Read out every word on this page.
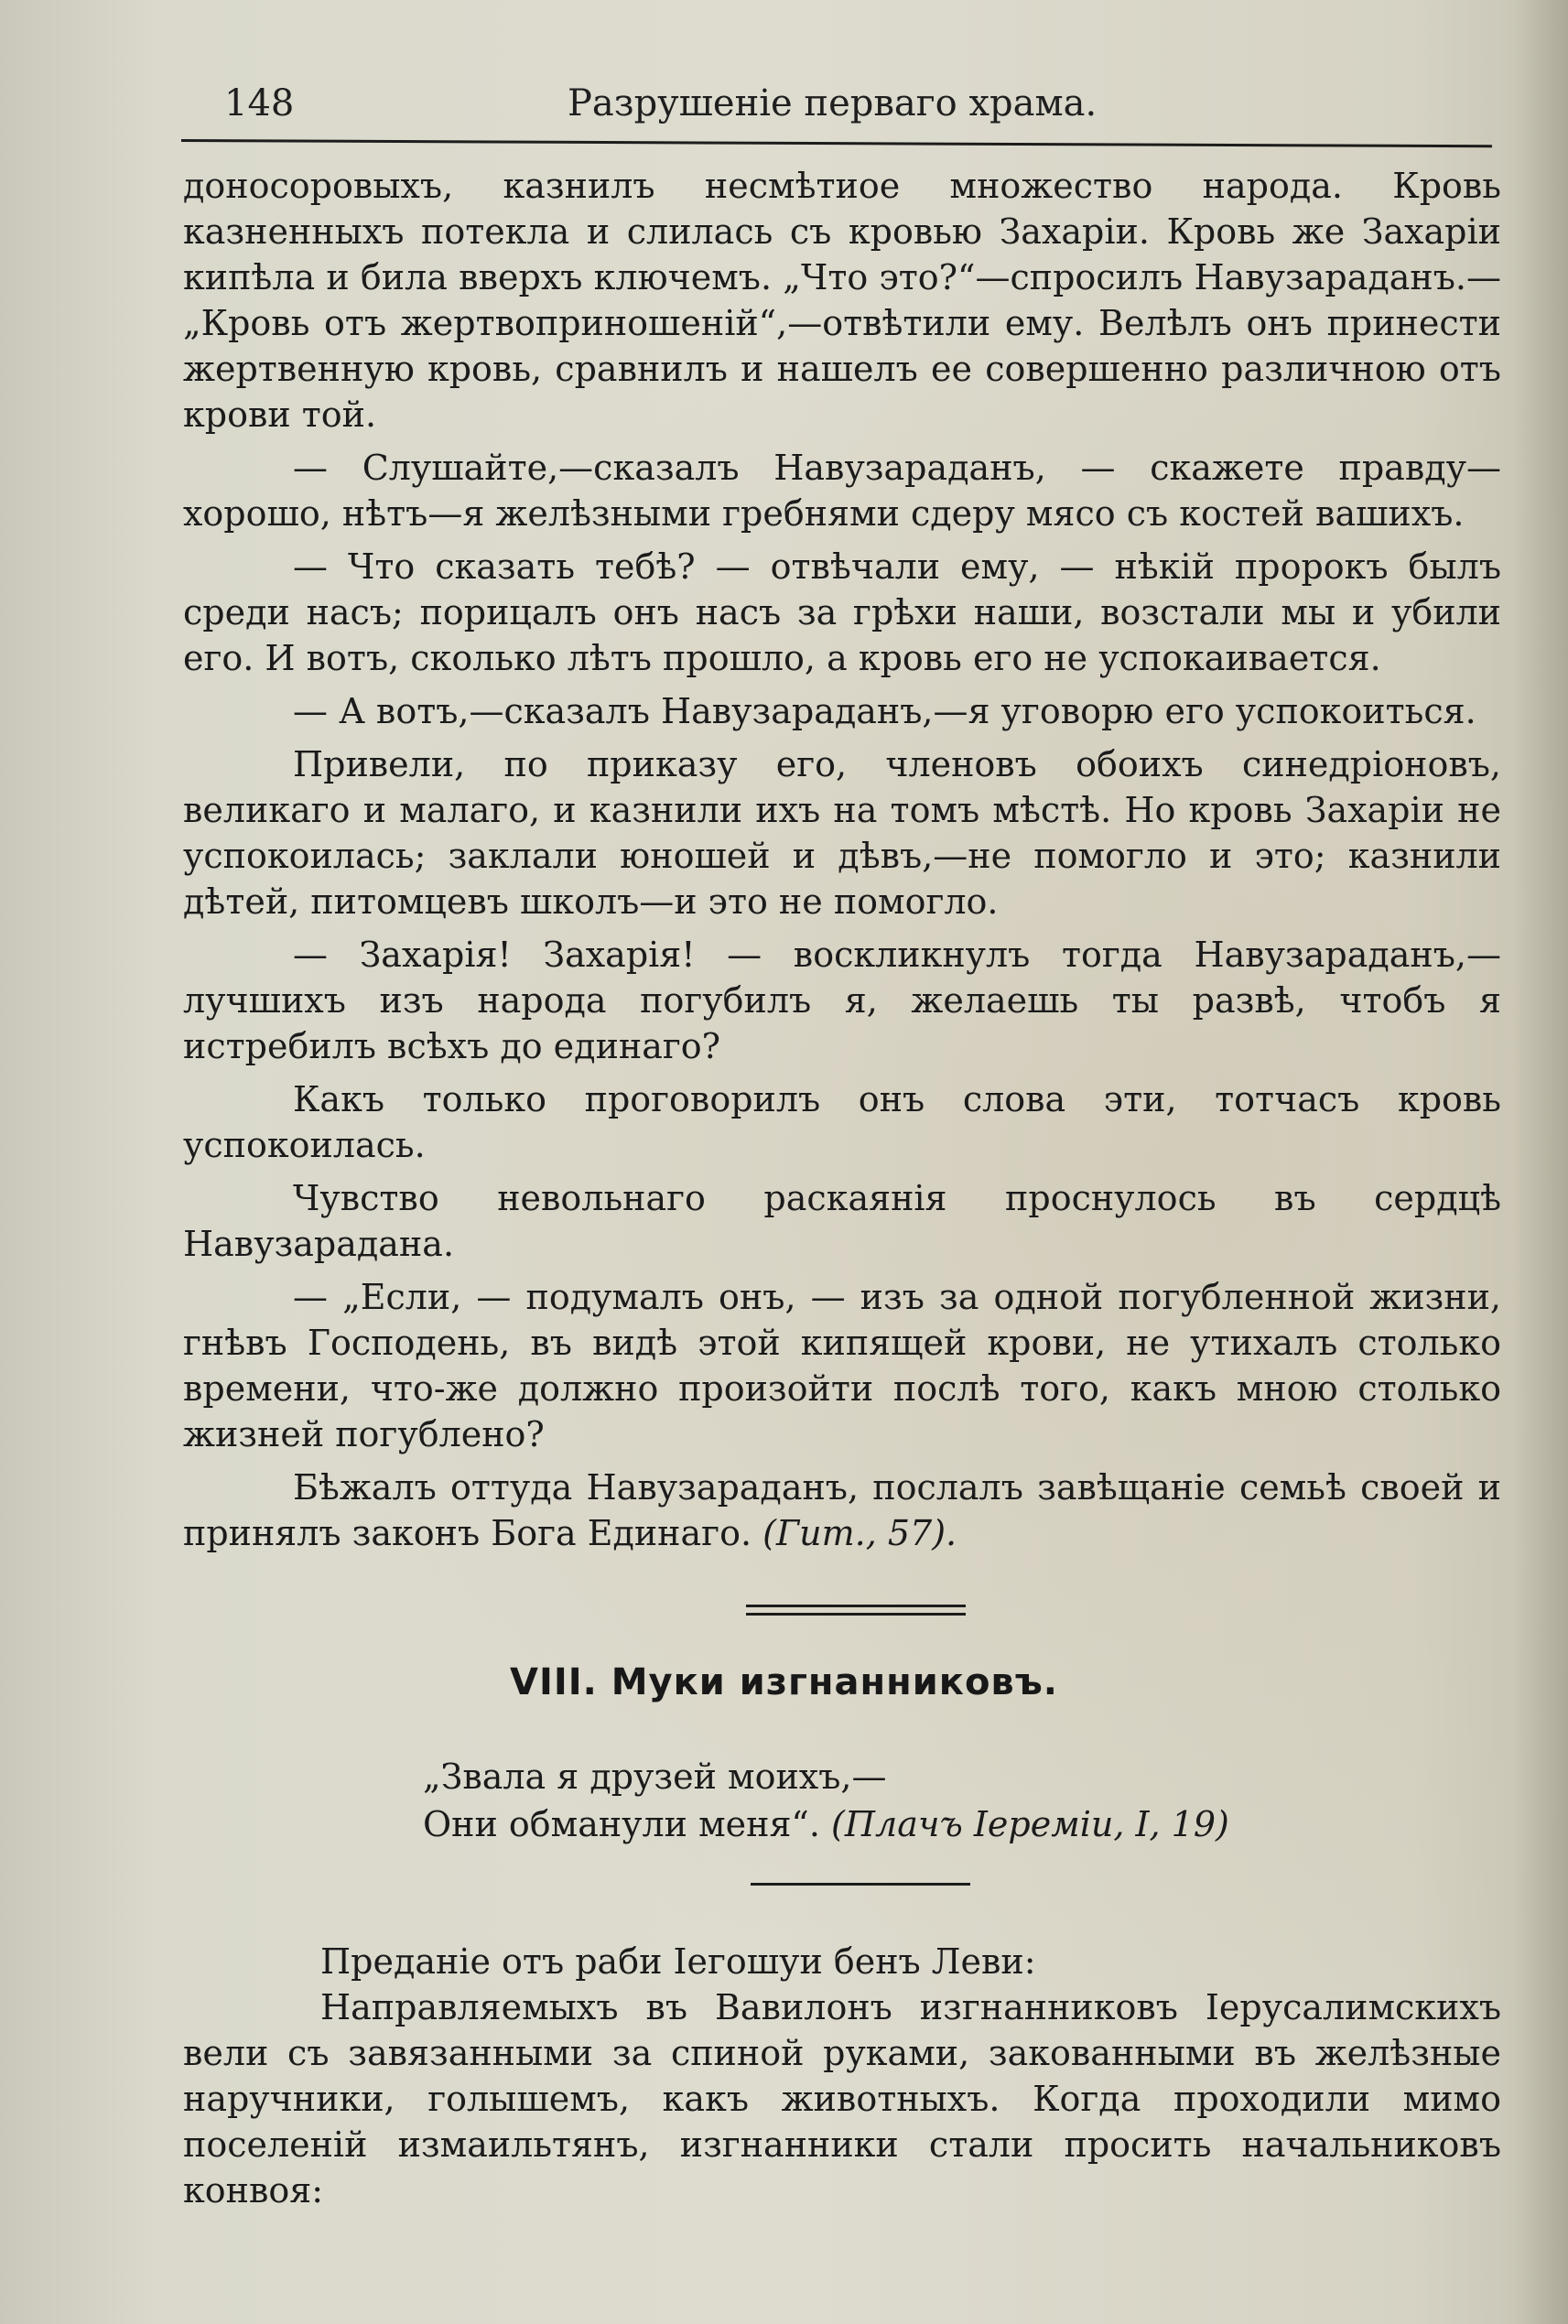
148	Разрушеніе перваго храма.

доносоровыхъ, казнилъ несмѣтиое множество народа. Кровь казненныхъ потекла и слилась съ кровью Захаріи. Кровь же Захаріи кипѣла и била вверхъ ключемъ. „Что это?“—спросилъ Навузараданъ.—„Кровь отъ жертвоприношеній“,—отвѣтили ему. Велѣлъ онъ принести жертвенную кровь, сравнилъ и нашелъ ее совершенно различною отъ крови той.

— Слушайте,—сказалъ Навузараданъ, — скажете правду— хорошо, нѣтъ—я желѣзными гребнями сдеру мясо съ костей вашихъ.

— Что сказать тебѣ? — отвѣчали ему, — нѣкій пророкъ былъ среди насъ; порицалъ онъ насъ за грѣхи наши, возстали мы и убили его. И вотъ, сколько лѣтъ прошло, а кровь его не успокаивается.

— А вотъ,—сказалъ Навузараданъ,—я уговорю его успокоиться.

Привели, по приказу его, членовъ обоихъ синедріоновъ, великаго и малаго, и казнили ихъ на томъ мѣстѣ. Но кровь Захаріи не успокоилась; заклали юношей и дѣвъ,—не помогло и это; казнили дѣтей, питомцевъ школъ—и это не помогло.

— Захарія! Захарія! — воскликнулъ тогда Навузараданъ,— лучшихъ изъ народа погубилъ я, желаешь ты развѣ, чтобъ я истребилъ всѣхъ до единаго?

Какъ только проговорилъ онъ слова эти, тотчасъ кровь успокоилась.

Чувство невольнаго раскаянія проснулось въ сердцѣ Навузарадана.

— „Если, — подумалъ онъ, — изъ за одной погубленной жизни, гнѣвъ Господень, въ видѣ этой кипящей крови, не утихалъ столько времени, что-же должно произойти послѣ того, какъ мною столько жизней погублено?

Бѣжалъ оттуда Навузараданъ, послалъ завѣщаніе семьѣ своей и принялъ законъ Бога Единаго. (Гит., 57).

VIII. Муки изгнанниковъ.
„Звала я друзей моихъ,—
Они обманули меня“. (Плачъ Іереміи, I, 19)

Преданіе отъ раби Іегошуи бенъ Леви:

Направляемыхъ въ Вавилонъ изгнанниковъ Іерусалимскихъ вели съ завязанными за спиной руками, закованными въ желѣзные наручники, голышемъ, какъ животныхъ. Когда проходили мимо поселеній измаильтянъ, изгнанники стали просить начальниковъ конвоя:
